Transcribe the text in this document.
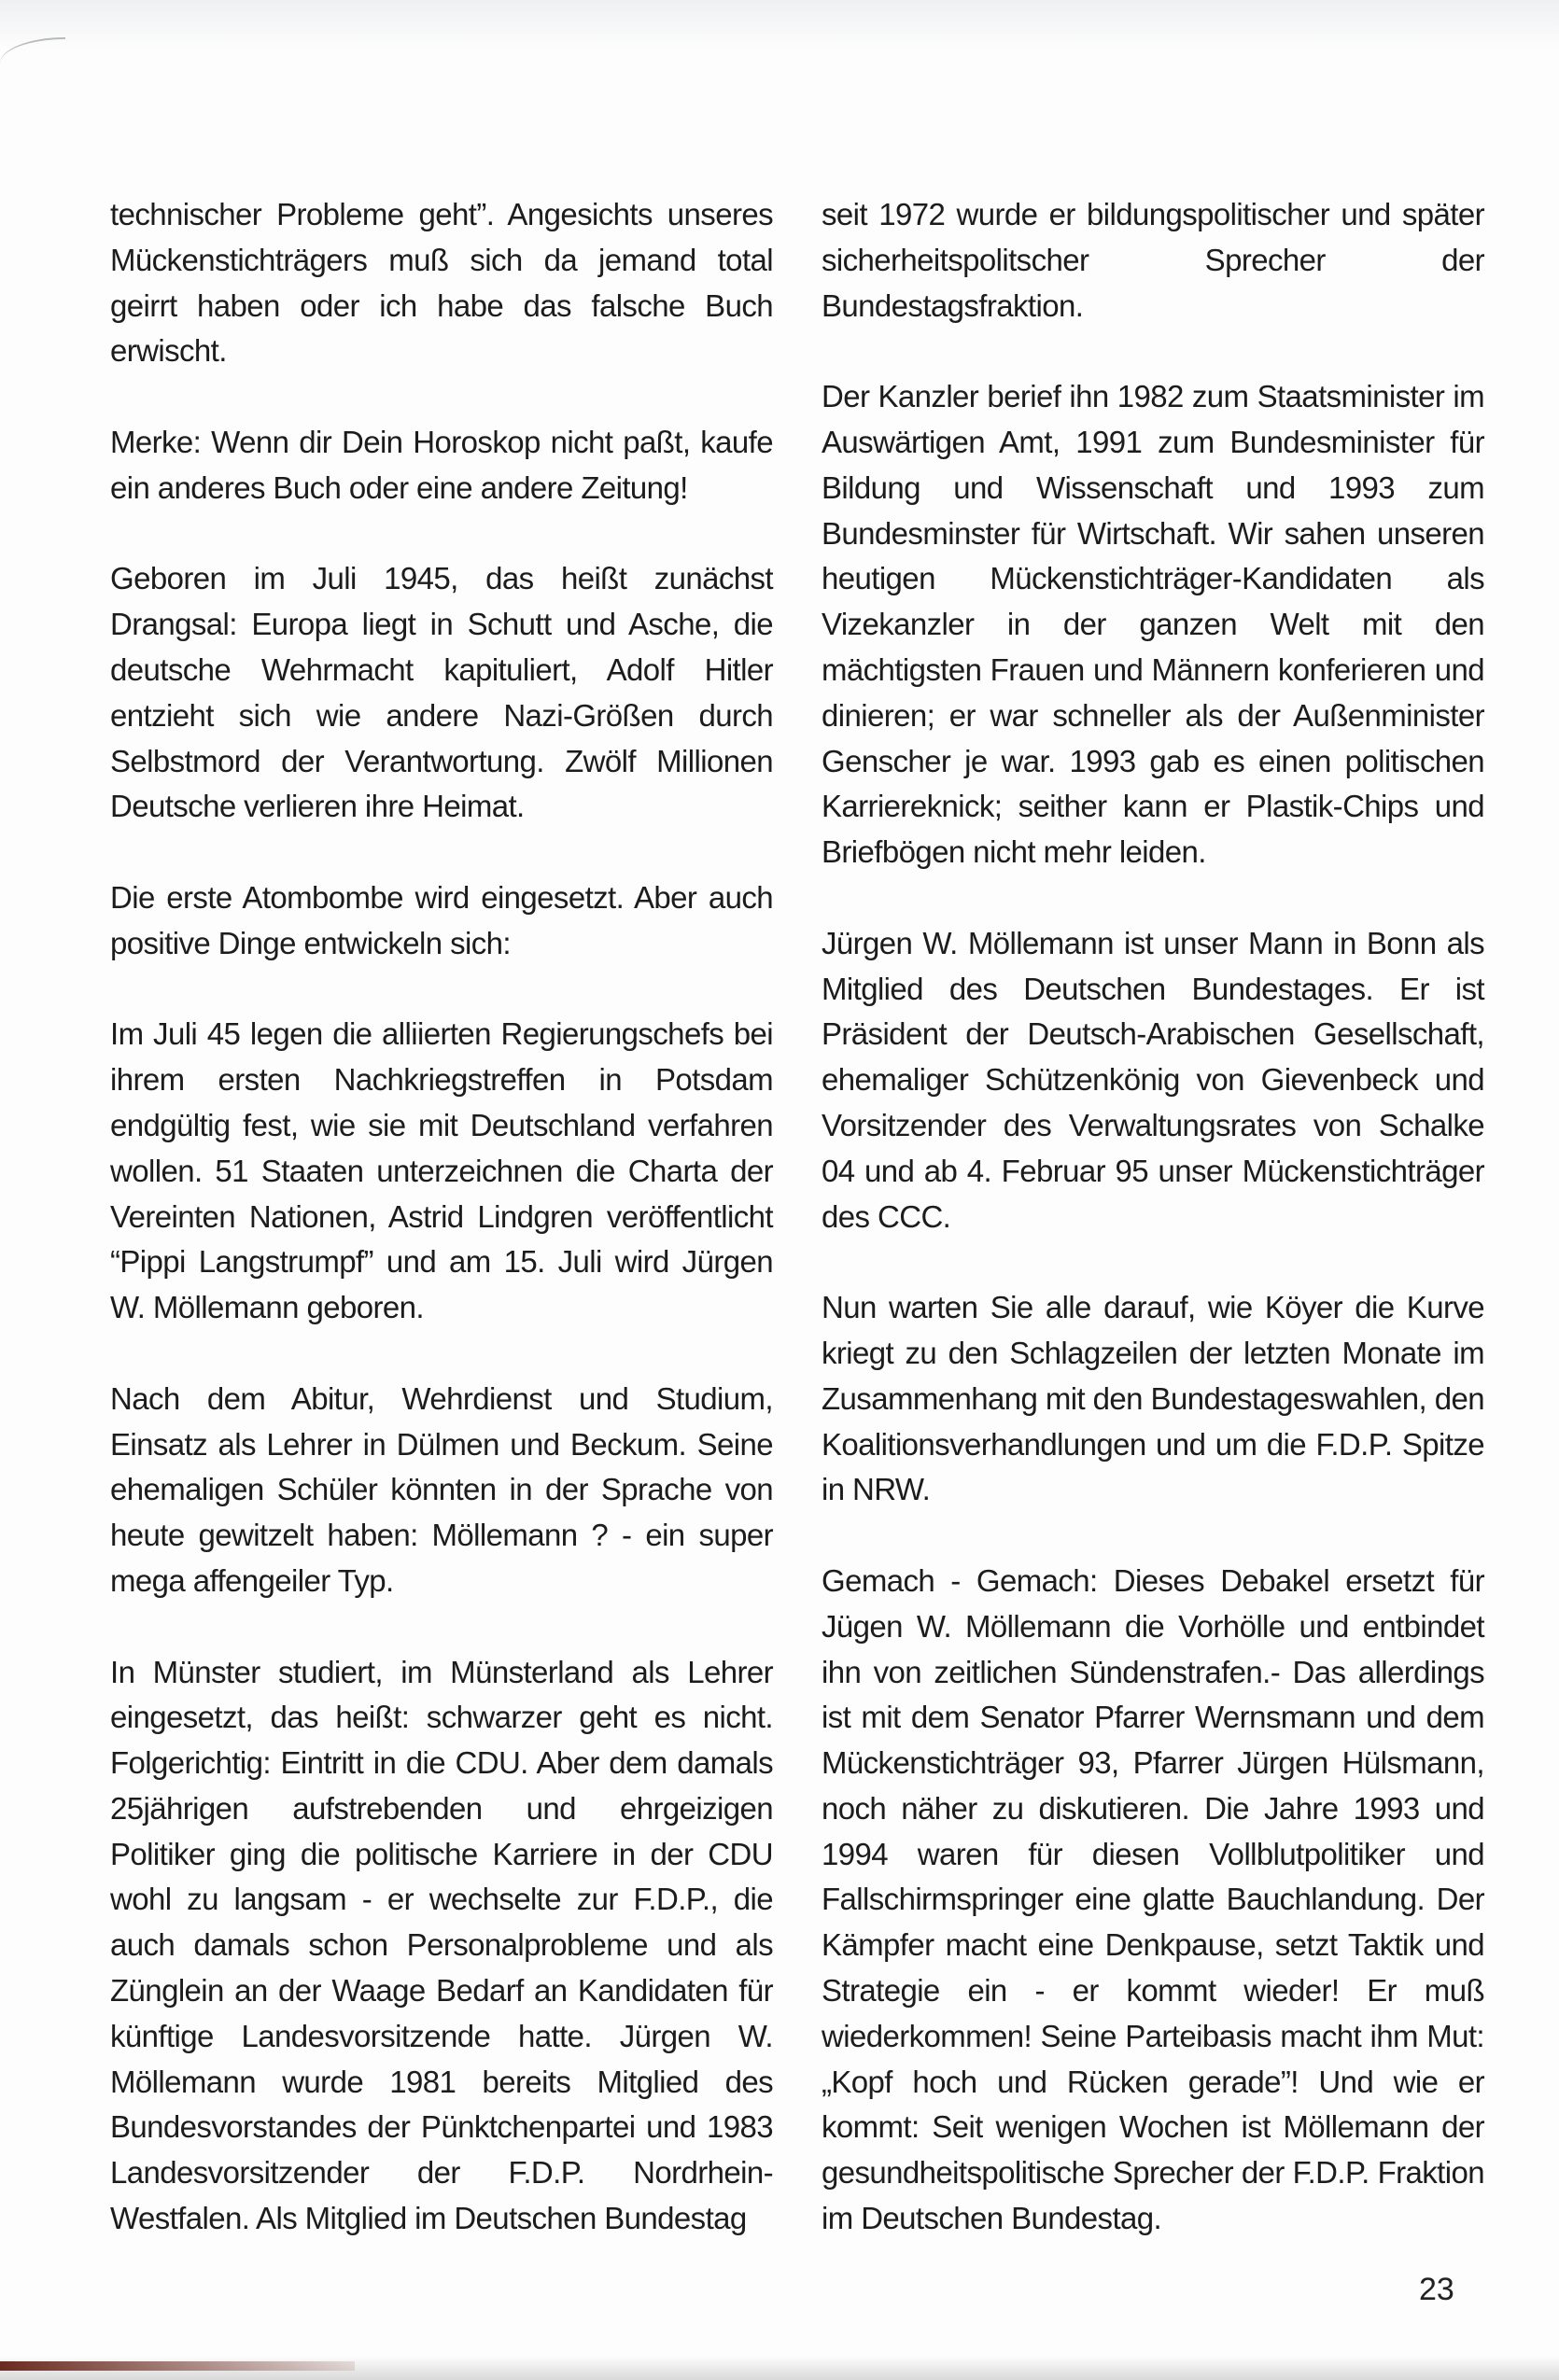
technischer Probleme geht”. Angesichts unseres Mückenstichträgers muß sich da jemand total geirrt haben oder ich habe das falsche Buch erwischt.

Merke: Wenn dir Dein Horoskop nicht paßt, kaufe ein anderes Buch oder eine andere Zeitung!

Geboren im Juli 1945, das heißt zunächst Drangsal: Europa liegt in Schutt und Asche, die deutsche Wehrmacht kapituliert, Adolf Hitler entzieht sich wie andere Nazi-Größen durch Selbstmord der Verantwortung. Zwölf Millionen Deutsche verlieren ihre Heimat.

Die erste Atombombe wird eingesetzt. Aber auch positive Dinge entwickeln sich:

Im Juli 45 legen die alliierten Regierungschefs bei ihrem ersten Nachkriegstreffen in Potsdam endgültig fest, wie sie mit Deutschland verfahren wollen. 51 Staaten unterzeichnen die Charta der Vereinten Nationen, Astrid Lindgren veröffentlicht “Pippi Langstrumpf” und am 15. Juli wird Jürgen W. Möllemann geboren.

Nach dem Abitur, Wehrdienst und Studium, Einsatz als Lehrer in Dülmen und Beckum. Seine ehemaligen Schüler könnten in der Sprache von heute gewitzelt haben: Möllemann ? - ein super mega affengeiler Typ.

In Münster studiert, im Münsterland als Lehrer eingesetzt, das heißt: schwarzer geht es nicht. Folgerichtig: Eintritt in die CDU. Aber dem damals 25jährigen aufstrebenden und ehrgeizigen Politiker ging die politische Karriere in der CDU wohl zu langsam - er wechselte zur F.D.P., die auch damals schon Personalprobleme und als Zünglein an der Waage Bedarf an Kandidaten für künftige Landesvorsitzende hatte. Jürgen W. Möllemann wurde 1981 bereits Mitglied des Bundesvorstandes der Pünktchenpartei und 1983 Landesvorsitzender der F.D.P. Nordrhein-Westfalen. Als Mitglied im Deutschen Bundestag

seit 1972 wurde er bildungspolitischer und später sicherheitspolitscher Sprecher der Bundestagsfraktion.

Der Kanzler berief ihn 1982 zum Staatsminister im Auswärtigen Amt, 1991 zum Bundesminister für Bildung und Wissenschaft und 1993 zum Bundesminster für Wirtschaft. Wir sahen unseren heutigen Mückenstichträger-Kandidaten als Vizekanzler in der ganzen Welt mit den mächtigsten Frauen und Männern konferieren und dinieren; er war schneller als der Außenminister Genscher je war. 1993 gab es einen politischen Karriereknick; seither kann er Plastik-Chips und Briefbögen nicht mehr leiden.

Jürgen W. Möllemann ist unser Mann in Bonn als Mitglied des Deutschen Bundestages. Er ist Präsident der Deutsch-Arabischen Gesellschaft, ehemaliger Schützenkönig von Gievenbeck und Vorsitzender des Verwaltungsrates von Schalke 04 und ab 4. Februar 95 unser Mückenstichträger des CCC.

Nun warten Sie alle darauf, wie Köyer die Kurve kriegt zu den Schlagzeilen der letzten Monate im Zusammenhang mit den Bundestageswahlen, den Koalitionsverhandlungen und um die F.D.P. Spitze in NRW.

Gemach - Gemach: Dieses Debakel ersetzt für Jügen W. Möllemann die Vorhölle und entbindet ihn von zeitlichen Sündenstrafen.- Das allerdings ist mit dem Senator Pfarrer Wernsmann und dem Mückenstichträger 93, Pfarrer Jürgen Hülsmann, noch näher zu diskutieren. Die Jahre 1993 und 1994 waren für diesen Vollblutpolitiker und Fallschirmspringer eine glatte Bauchlandung. Der Kämpfer macht eine Denkpause, setzt Taktik und Strategie ein - er kommt wieder! Er muß wiederkommen! Seine Parteibasis macht ihm Mut: „Kopf hoch und Rücken gerade”! Und wie er kommt: Seit wenigen Wochen ist Möllemann der gesundheitspolitische Sprecher der F.D.P. Fraktion im Deutschen Bundestag.

23
